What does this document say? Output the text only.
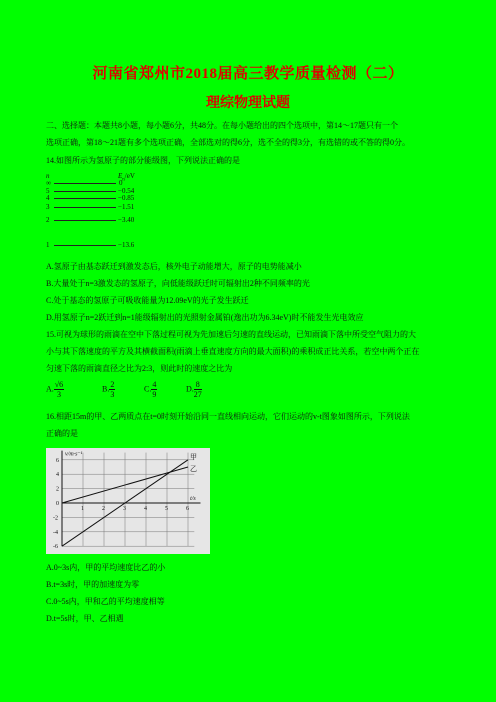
河南省郑州市2018届高三教学质量检测（二）
理综物理试题
二、选择题：本题共8小题，每小题6分，共48分。在每小题给出的四个选项中，第14～17题只有一个
选项正确，第18～21题有多个选项正确，全部选对的得6分，选不全的得3分，有选错的或不答的得0分。
14.如图所示为氢原子的部分能级图，下列说法正确的是
n	$E_n/eV$
∞	0
5	−0.54
4	−0.85
3	−1.51
2	−3.40
1	−13.6
A.氢原子由基态跃迁到激发态后，核外电子动能增大，原子的电势能减小
B.大量处于n=3激发态的氢原子，向低能级跃迁时可辐射出2种不同频率的光
C.处于基态的氢原子可吸收能量为12.09eV的光子发生跃迁
D.用氢原子n=2跃迁到n=1能级辐射出的光照射金属铂(逸出功为6.34eV)时不能发生光电效应
15.可视为球形的雨滴在空中下落过程可视为先加速后匀速的直线运动，已知雨滴下落中所受空气阻力的大
小与其下落速度的平方及其横截面积(雨滴上垂直速度方向的最大面积)的乘积成正比关系，若空中两个正在
匀速下落的雨滴直径之比为2:3，则此时的速度之比为
A. $\frac{√6}{3}$	B. $\frac{2}{3}$	C. $\frac{4}{9}$	D. $\frac{8}{27}$
16.相距15m的甲、乙两质点在t=0时刻开始沿同一直线相向运动，它们运动的v-t图象如图所示，下列说法
正确的是
v/m·s⁻¹
t/s
1	2	3	4	5	6
0
2
4
6
-2
-4
-6
甲
乙
A.0~3s内，甲的平均速度比乙的小
B.t=3s时，甲的加速度为零
C.0~5s内，甲和乙的平均速度相等
D.t=5s时，甲、乙相遇
